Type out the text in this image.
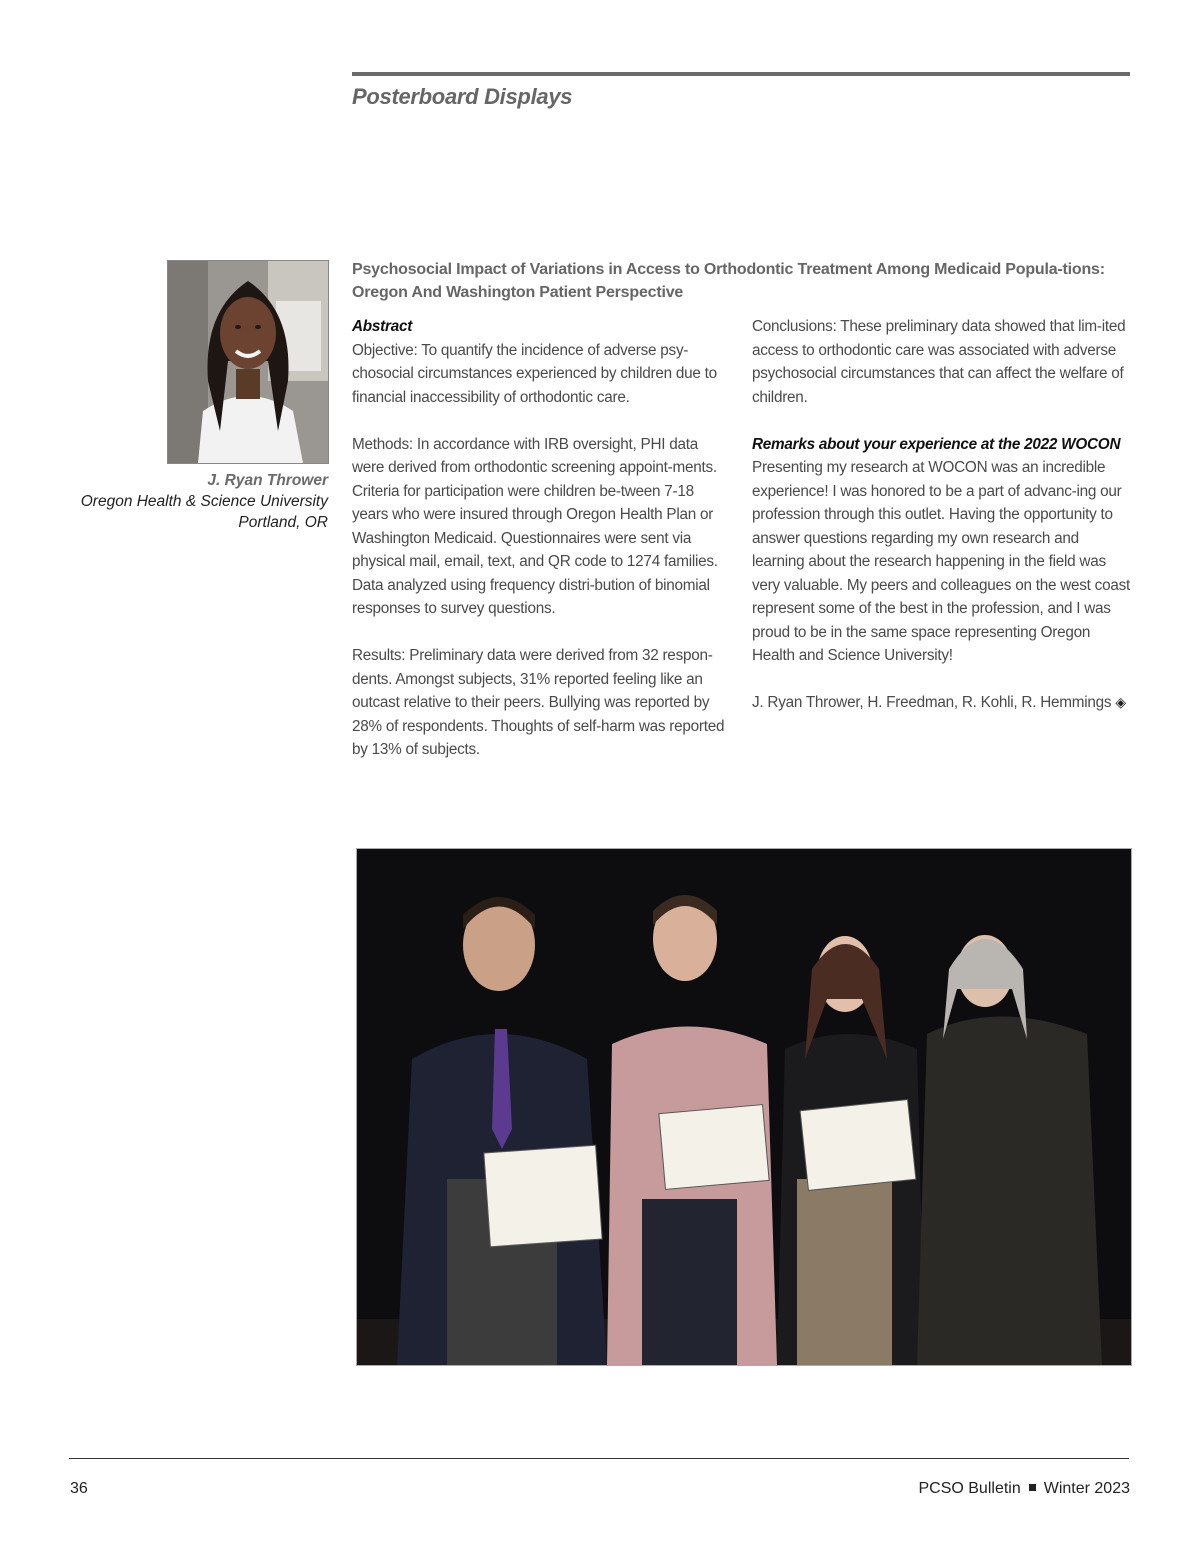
Posterboard Displays
J. Ryan Thrower
Oregon Health & Science University
Portland, OR
Psychosocial Impact of Variations in Access to Orthodontic Treatment Among Medicaid Popula-tions: Oregon And Washington Patient Perspective
Abstract

Objective: To quantify the incidence of adverse psy-chosocial circumstances experienced by children due to financial inaccessibility of orthodontic care.

Methods: In accordance with IRB oversight, PHI data were derived from orthodontic screening appoint-ments. Criteria for participation were children be-tween 7-18 years who were insured through Oregon Health Plan or Washington Medicaid. Questionnaires were sent via physical mail, email, text, and QR code to 1274 families. Data analyzed using frequency distri-bution of binomial responses to survey questions.

Results: Preliminary data were derived from 32 respon-dents. Amongst subjects, 31% reported feeling like an outcast relative to their peers. Bullying was reported by 28% of respondents. Thoughts of self-harm was reported by 13% of subjects.

Conclusions: These preliminary data showed that lim-ited access to orthodontic care was associated with adverse psychosocial circumstances that can affect the welfare of children.

Remarks about your experience at the 2022 WOCON

Presenting my research at WOCON was an incredible experience! I was honored to be a part of advanc-ing our profession through this outlet. Having the opportunity to answer questions regarding my own research and learning about the research happening in the field was very valuable. My peers and colleagues on the west coast represent some of the best in the profession, and I was proud to be in the same space representing Oregon Health and Science University!

J. Ryan Thrower, H. Freedman, R. Kohli, R. Hemmings ◈

36	PCSO Bulletin Winter 2023
